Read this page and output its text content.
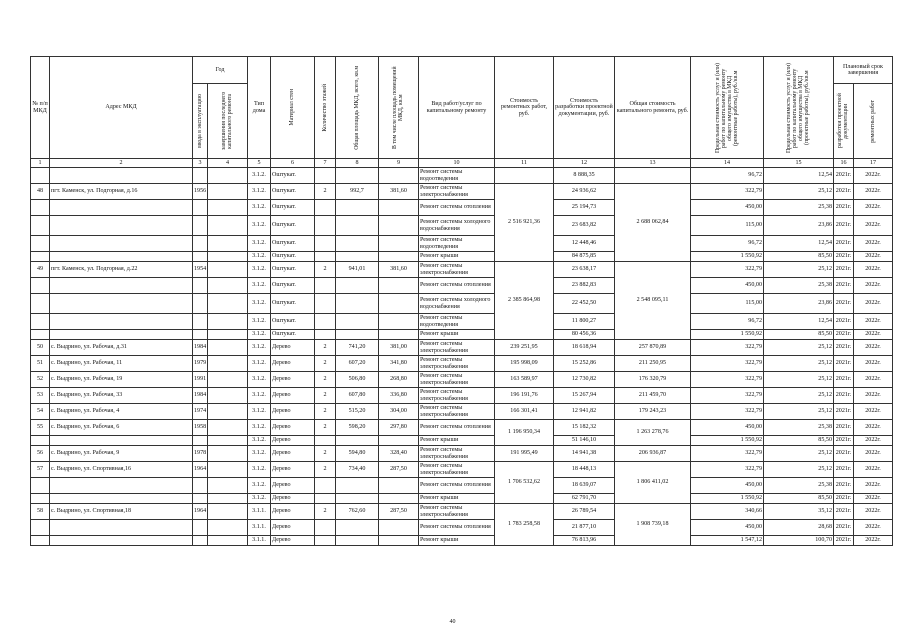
№ п/п МКД	Адрес МКД	Год		Тип дома	Материал стен	Количество этажей	Общая площадь МКД, всего, кв.м	В том числе площадь помещений МКД, кв.м	Вид работ/услуг по капитальному ремонту	Стоимость ремонтных работ, руб.	Стоимость разработки проектной документации, руб.	Общая стоимость капитального ремонта, руб.	Предельная стоимость услуг и (или) работ по капитальному ремонту общего имущества в МКД (ремонтные работы), руб./кв.м	Предельная стоимость услуг и (или) работ по капитальному ремонту общего имущества в МКД (проектные работы), руб./кв.м	Плановый срок завершения	

		ввода в эксплуатацию	завершения последнего капитального ремонта												разработки проектной документации	ремонтных работ

1	2	3	4	5	6	7	8	9	10	11	12	13	14	15	16	17
				3.1.2.	Оштукат.				Ремонт системы водоотведения		8 888,35		96,72	12,54	2021г.	2022г.
48	пгт. Каменск, ул. Подгорная, д.16	1956		3.1.2.	Оштукат.	2	992,7	381,60	Ремонт системы электроснабжения	2 516 921,36	24 936,62	2 688 062,84	322,79	25,12	2021г.	2022г.
				3.1.2.	Оштукат.				Ремонт системы отопления		25 194,73		450,00	25,38	2021г.	2022г.
				3.1.2.	Оштукат.				Ремонт системы холодного водоснабжения		23 683,82		115,00	23,86	2021г.	2022г.
				3.1.2.	Оштукат.				Ремонт системы водоотведения		12 448,46		96,72	12,54	2021г.	2022г.
				3.1.2.	Оштукат.				Ремонт крыши		84 875,85		1 550,92	85,50	2021г.	2022г.
49	пгт. Каменск, ул. Подгорная, д.22	1954		3.1.2.	Оштукат.	2	941,01	381,60	Ремонт системы электроснабжения	2 385 864,98	23 638,17	2 548 095,11	322,79	25,12	2021г.	2022г.
				3.1.2.	Оштукат.				Ремонт системы отопления		23 882,83		450,00	25,38	2021г.	2022г.
				3.1.2.	Оштукат.				Ремонт системы холодного водоснабжения		22 452,50		115,00	23,86	2021г.	2022г.
				3.1.2.	Оштукат.				Ремонт системы водоотведения		11 800,27		96,72	12,54	2021г.	2022г.
				3.1.2.	Оштукат.				Ремонт крыши		80 456,36		1 550,92	85,50	2021г.	2022г.
50	с. Выдрино, ул. Рабочая, д.31	1984		3.1.2.	Дерево	2	741,20	381,00	Ремонт системы электроснабжения	239 251,95	18 618,94	257 870,89	322,79	25,12	2021г.	2022г.
51	с. Выдрино, ул. Рабочая, 11	1979		3.1.2.	Дерево	2	607,20	341,80	Ремонт системы электроснабжения	195 998,09	15 252,86	211 250,95	322,79	25,12	2021г.	2022г.
52	с. Выдрино, ул. Рабочая, 19	1991		3.1.2.	Дерево	2	506,80	268,80	Ремонт системы электроснабжения	163 589,97	12 730,82	176 320,79	322,79	25,12	2021г.	2022г.
53	с. Выдрино, ул. Рабочая, 33	1984		3.1.2.	Дерево	2	607,80	336,80	Ремонт системы электроснабжения	196 191,76	15 267,94	211 459,70	322,79	25,12	2021г.	2022г.
54	с. Выдрино, ул. Рабочая, 4	1974		3.1.2.	Дерево	2	515,20	304,00	Ремонт системы электроснабжения	166 301,41	12 941,82	179 243,23	322,79	25,12	2021г.	2022г.
55	с. Выдрино, ул. Рабочая, 6	1958		3.1.2.	Дерево	2	598,20	297,80	Ремонт системы отопления	1 196 950,34	15 182,32	1 263 278,76	450,00	25,38	2021г.	2022г.
				3.1.2.	Дерево				Ремонт крыши		51 146,10		1 550,92	85,50	2021г.	2022г.
56	с. Выдрино, ул. Рабочая, 9	1978		3.1.2.	Дерево	2	594,80	328,40	Ремонт системы электроснабжения	191 995,49	14 941,38	206 936,87	322,79	25,12	2021г.	2022г.
57	с. Выдрино, ул. Спортивная,16	1964		3.1.2.	Дерево	2	734,40	287,50	Ремонт системы электроснабжения	1 706 532,62	18 448,13	1 806 411,02	322,79	25,12	2021г.	2022г.
				3.1.2.	Дерево				Ремонт системы отопления		18 639,07		450,00	25,38	2021г.	2022г.
				3.1.2.	Дерево				Ремонт крыши		62 791,70		1 550,92	85,50	2021г.	2022г.
58	с. Выдрино, ул. Спортивная,18	1964		3.1.1.	Дерево	2	762,60	287,50	Ремонт системы электроснабжения	1 783 258,58	26 789,54	1 908 739,18	340,66	35,12	2021г.	2022г.
				3.1.1.	Дерево				Ремонт системы отопления		21 877,10		450,00	28,68	2021г.	2022г.
				3.1.1.	Дерево				Ремонт крыши		76 813,96		1 547,12	100,70	2021г.	2022г.
40
